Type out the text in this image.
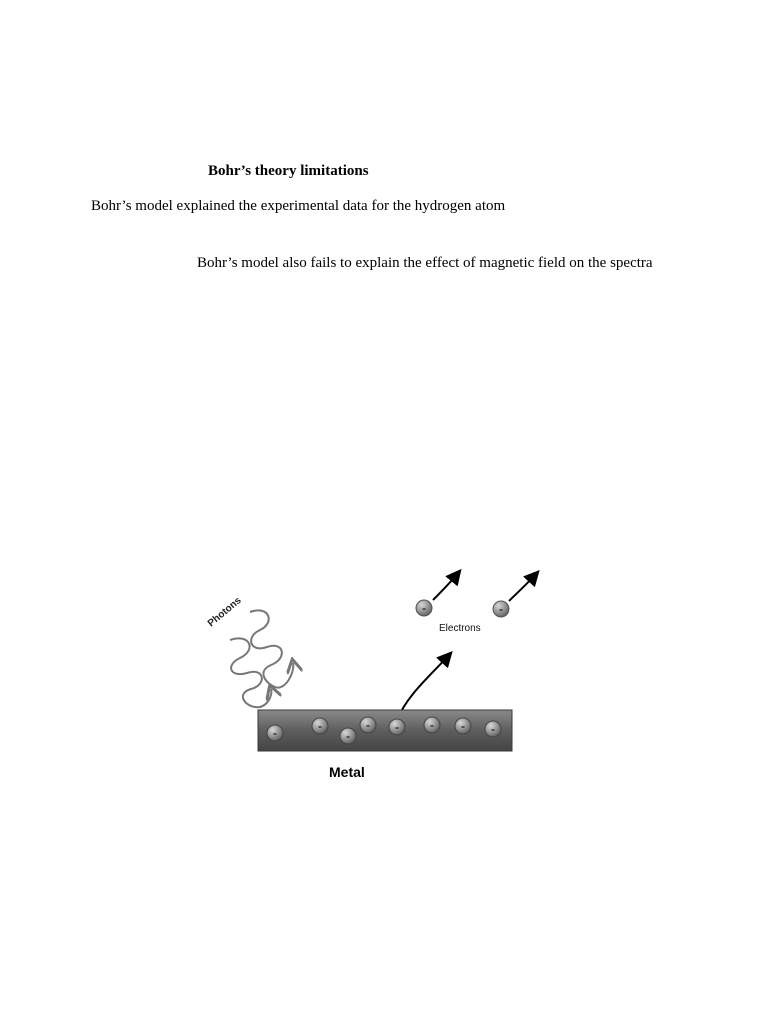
Bohr’s theory limitations
Bohr’s model explained the experimental data for the hydrogen atom
Bohr’s model also fails to explain the effect of magnetic field on the spectra
Photons	-	-
Electrons
-	-
-
- -	- - -
Metal
